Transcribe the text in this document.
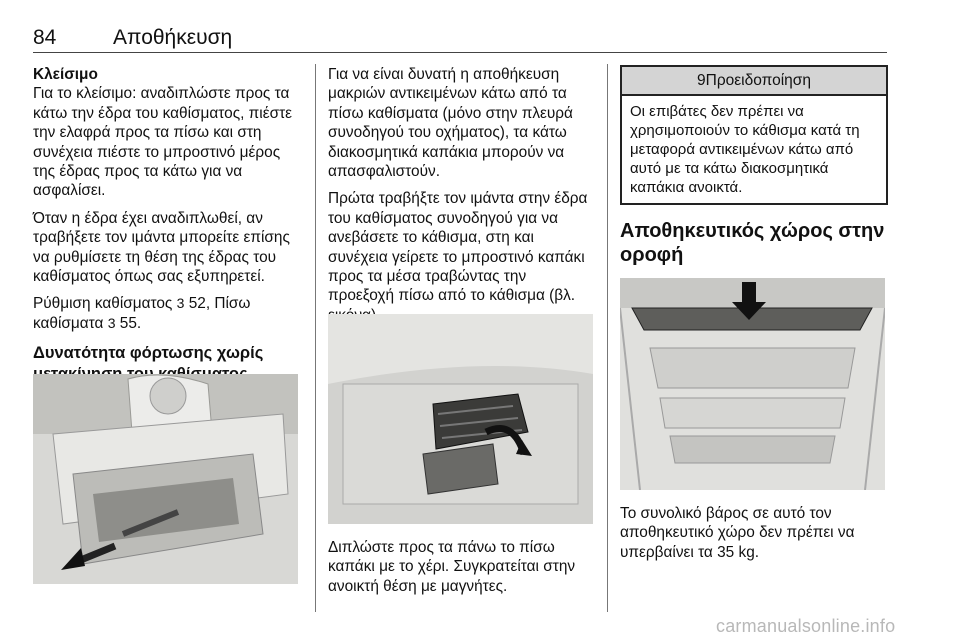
84	Αποθήκευση
Κλείσιμο

Για το κλείσιμο: αναδιπλώστε προς τα κάτω την έδρα του καθίσματος, πιέστε την ελαφρά προς τα πίσω και στη συνέχεια πιέστε το μπροστινό μέρος της έδρας προς τα κάτω για να ασφαλίσει.

Όταν η έδρα έχει αναδιπλωθεί, αν τραβήξετε τον ιμάντα μπορείτε επίσης να ρυθμίσετε τη θέση της έδρας του καθίσματος όπως σας εξυπηρετεί.

Ρύθμιση καθίσματος 3 52, Πίσω καθίσματα 3 55.

Δυνατότητα φόρτωσης χωρίς

Για να είναι δυνατή η αποθήκευση μακριών αντικειμένων κάτω από τα πίσω καθίσματα (μόνο στην πλευρά συνοδηγού του οχήματος), τα κάτω διακοσμητικά καπάκια μπορούν να απασφαλιστούν.

Πρώτα τραβήξτε τον ιμάντα στην έδρα του καθίσματος συνοδηγού για να ανεβάσετε το κάθισμα, στη και συνέχεια γείρετε το μπροστινό καπάκι προς τα μέσα τραβώντας την προεξοχή πίσω από το κάθισμα (βλ.

Διπλώστε προς τα πάνω το πίσω καπάκι με το χέρι. Συγκρατείται στην ανοικτή θέση με μαγνήτες.

9Προειδοποίηση
Οι επιβάτες δεν πρέπει να χρησιμοποιούν το κάθισμα κατά τη μεταφορά αντικειμένων κάτω από αυτό με τα κάτω διακοσμητικά καπάκια ανοικτά.
Αποθηκευτικός χώρος στην οροφή

Το συνολικό βάρος σε αυτό τον αποθηκευτικό χώρο δεν πρέπει να υπερβαίνει τα 35 kg.

carmanualsonline.info
